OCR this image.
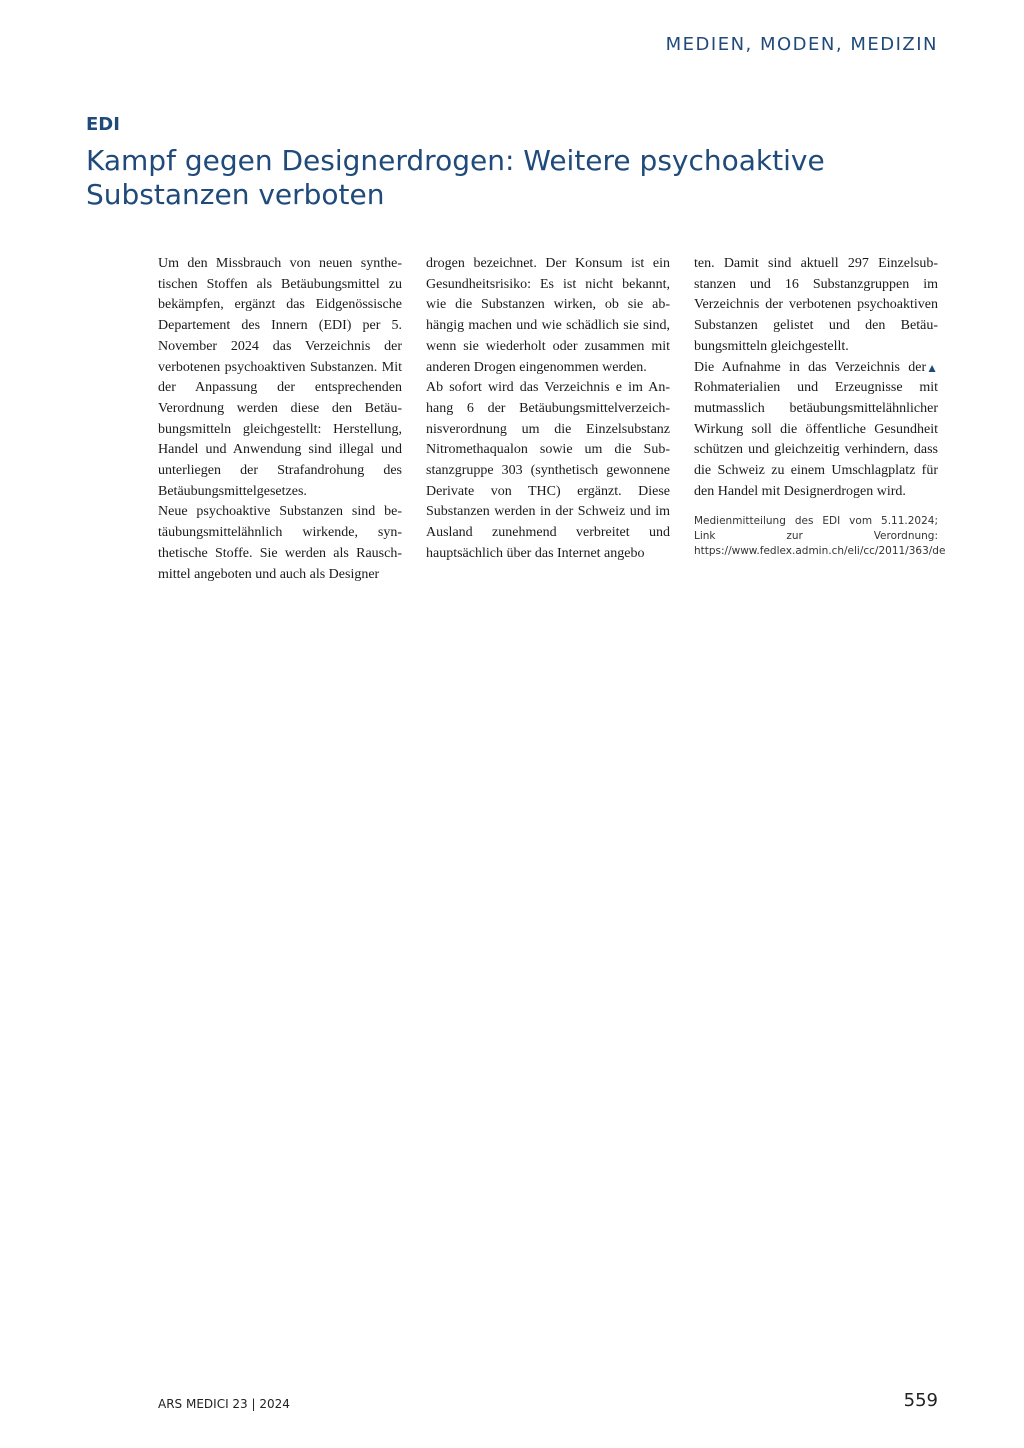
MEDIEN, MODEN, MEDIZIN
EDI
Kampf gegen Designerdrogen: Weitere psychoaktive Substanzen verboten

Um den Missbrauch von neuen synthetischen Stoffen als Betäubungsmittel zu bekämpfen, ergänzt das Eidgenössische Departement des Innern (EDI) per 5. November 2024 das Verzeichnis der verbotenen psychoaktiven Substanzen. Mit der Anpassung der entsprechenden Verordnung werden diese den Betäubungsmitteln gleichgestellt: Herstellung, Handel und Anwendung sind illegal und unterliegen der Strafandrohung des Betäubungsmittelgesetzes.

Neue psychoaktive Substanzen sind betäubungsmittelähnlich wirkende, synthetische Stoffe. Sie werden als Rauschmittel angeboten und auch als Designer

drogen bezeichnet. Der Konsum ist ein Gesundheitsrisiko: Es ist nicht bekannt, wie die Substanzen wirken, ob sie abhängig machen und wie schädlich sie sind, wenn sie wiederholt oder zusammen mit anderen Drogen eingenommen werden.

Ab sofort wird das Verzeichnis e im Anhang 6 der Betäubungsmittelverzeichnisverordnung um die Einzelsubstanz Nitromethaqualon sowie um die Substanzgruppe 303 (synthetisch gewonnene Derivate von THC) ergänzt. Diese Substanzen werden in der Schweiz und im Ausland zunehmend verbreitet und hauptsächlich über das Internet angebo

ten. Damit sind aktuell 297 Einzelsubstanzen und 16 Substanzgruppen im Verzeichnis der verbotenen psychoaktiven Substanzen gelistet und den Betäubungsmitteln gleichgestellt.

▲
Die Aufnahme in das Verzeichnis der Rohmaterialien und Erzeugnisse mit mutmasslich betäubungsmittelähnlicher Wirkung soll die öffentliche Gesundheit schützen und gleichzeitig verhindern, dass die Schweiz zu einem Umschlagplatz für den Handel mit Designerdrogen wird.

Medienmitteilung des EDI vom 5.11.2024; Link zur Verordnung: https://www.fedlex.admin.ch/eli/cc/2011/363/de
ARS MEDICI 23 | 2024	559
